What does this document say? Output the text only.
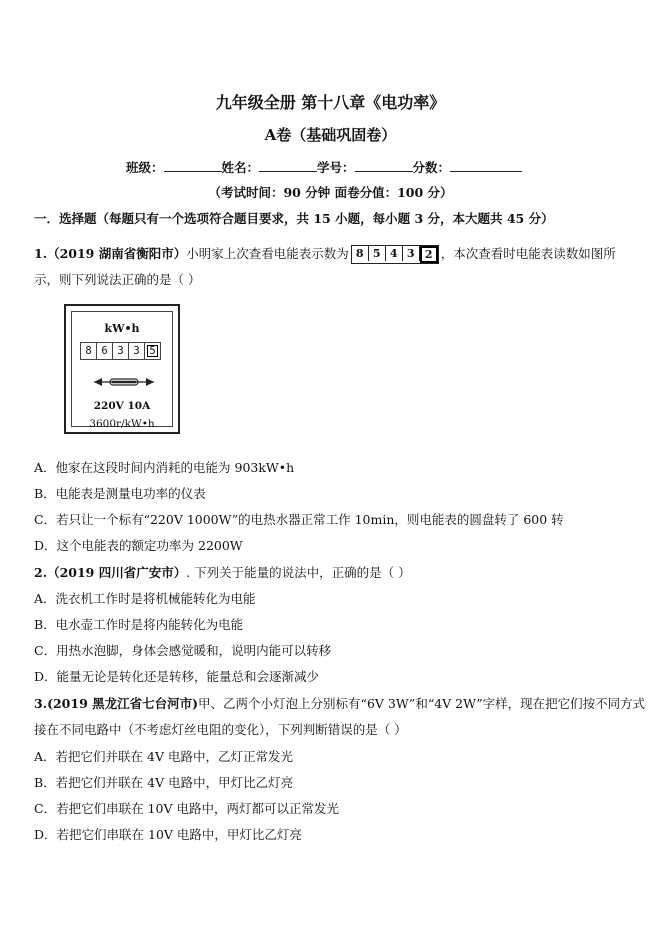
九年级全册 第十八章《电功率》
A卷（基础巩固卷）
班级：	姓名：	学号：	分数：
（考试时间：90 分钟 面卷分值：100 分）
一．选择题（每题只有一个选项符合题目要求，共 15 小题，每小题 3 分，本大题共 45 分）
1.（2019 湖南省衡阳市）小明家上次查看电能表示数为 8 5 4 3 2 ，本次查看时电能表读数如图所
示，则下列说法正确的是（ ）
kW•h
8 6 3 3 5
220V 10A
3600r/kW•h
A．他家在这段时间内消耗的电能为 903kW•h
B．电能表是测量电功率的仪表
C．若只让一个标有“220V 1000W”的电热水器正常工作 10min，则电能表的圆盘转了 600 转
D．这个电能表的额定功率为 2200W
2.（2019 四川省广安市）. 下列关于能量的说法中，正确的是（ ）
A．洗衣机工作时是将机械能转化为电能
B．电水壶工作时是将内能转化为电能
C．用热水泡脚，身体会感觉暖和，说明内能可以转移
D．能量无论是转化还是转移，能量总和会逐渐减少
3.(2019 黑龙江省七台河市)甲、乙两个小灯泡上分别标有“6V 3W”和“4V 2W”字样，现在把它们按不同方式
接在不同电路中（不考虑灯丝电阻的变化），下列判断错误的是（ ）
A．若把它们并联在 4V 电路中，乙灯正常发光
B．若把它们并联在 4V 电路中，甲灯比乙灯亮
C．若把它们串联在 10V 电路中，两灯都可以正常发光
D．若把它们串联在 10V 电路中，甲灯比乙灯亮
